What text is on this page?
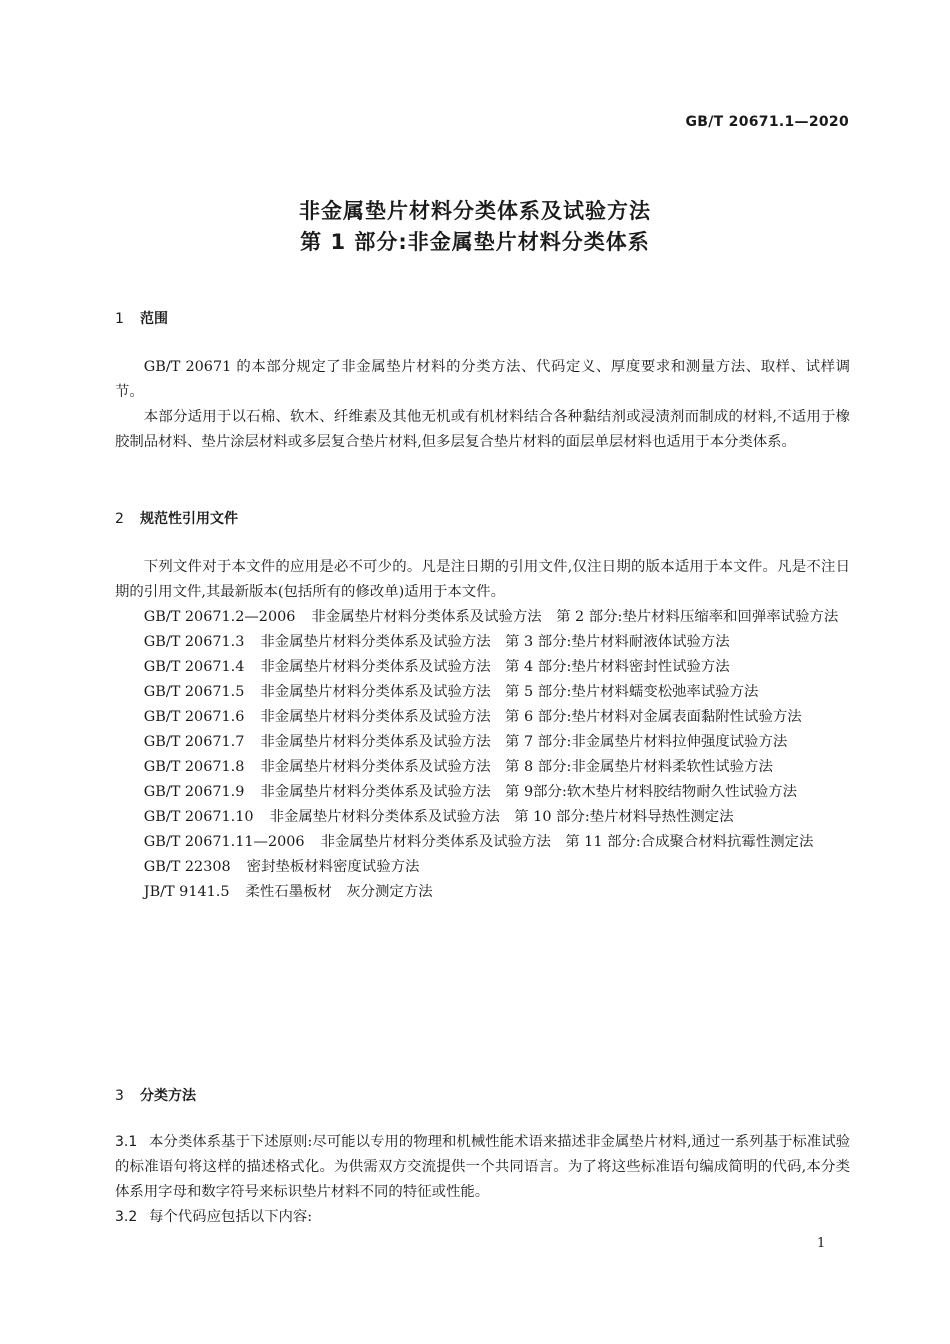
GB/T 20671.1—2020
非金属垫片材料分类体系及试验方法
第 1 部分:非金属垫片材料分类体系
1 范围

GB/T 20671 的本部分规定了非金属垫片材料的分类方法、代码定义、厚度要求和测量方法、取样、试样调节。

本部分适用于以石棉、软木、纤维素及其他无机或有机材料结合各种黏结剂或浸渍剂而制成的材料,不适用于橡胶制品材料、垫片涂层材料或多层复合垫片材料,但多层复合垫片材料的面层单层材料也适用于本分类体系。

2 规范性引用文件

下列文件对于本文件的应用是必不可少的。凡是注日期的引用文件,仅注日期的版本适用于本文件。凡是不注日期的引用文件,其最新版本(包括所有的修改单)适用于本文件。

GB/T 20671.2—2006 非金属垫片材料分类体系及试验方法　第 2 部分:垫片材料压缩率和回弹率试验方法

GB/T 20671.3 非金属垫片材料分类体系及试验方法　第 3 部分:垫片材料耐液体试验方法

GB/T 20671.4 非金属垫片材料分类体系及试验方法　第 4 部分:垫片材料密封性试验方法

GB/T 20671.5 非金属垫片材料分类体系及试验方法　第 5 部分:垫片材料蠕变松弛率试验方法

GB/T 20671.6 非金属垫片材料分类体系及试验方法　第 6 部分:垫片材料对金属表面黏附性试验方法

GB/T 20671.7 非金属垫片材料分类体系及试验方法　第 7 部分:非金属垫片材料拉伸强度试验方法

GB/T 20671.8 非金属垫片材料分类体系及试验方法　第 8 部分:非金属垫片材料柔软性试验方法

GB/T 20671.9 非金属垫片材料分类体系及试验方法　第 9部分:软木垫片材料胶结物耐久性试验方法

GB/T 20671.10 非金属垫片材料分类体系及试验方法　第 10 部分:垫片材料导热性测定法

GB/T 20671.11—2006 非金属垫片材料分类体系及试验方法　第 11 部分:合成聚合材料抗霉性测定法

GB/T 22308 密封垫板材料密度试验方法

JB/T 9141.5 柔性石墨板材　灰分测定方法

3 分类方法

3.1 本分类体系基于下述原则:尽可能以专用的物理和机械性能术语来描述非金属垫片材料,通过一系列基于标准试验的标准语句将这样的描述格式化。为供需双方交流提供一个共同语言。为了将这些标准语句编成简明的代码,本分类体系用字母和数字符号来标识垫片材料不同的特征或性能。

3.2 每个代码应包括以下内容:

1
